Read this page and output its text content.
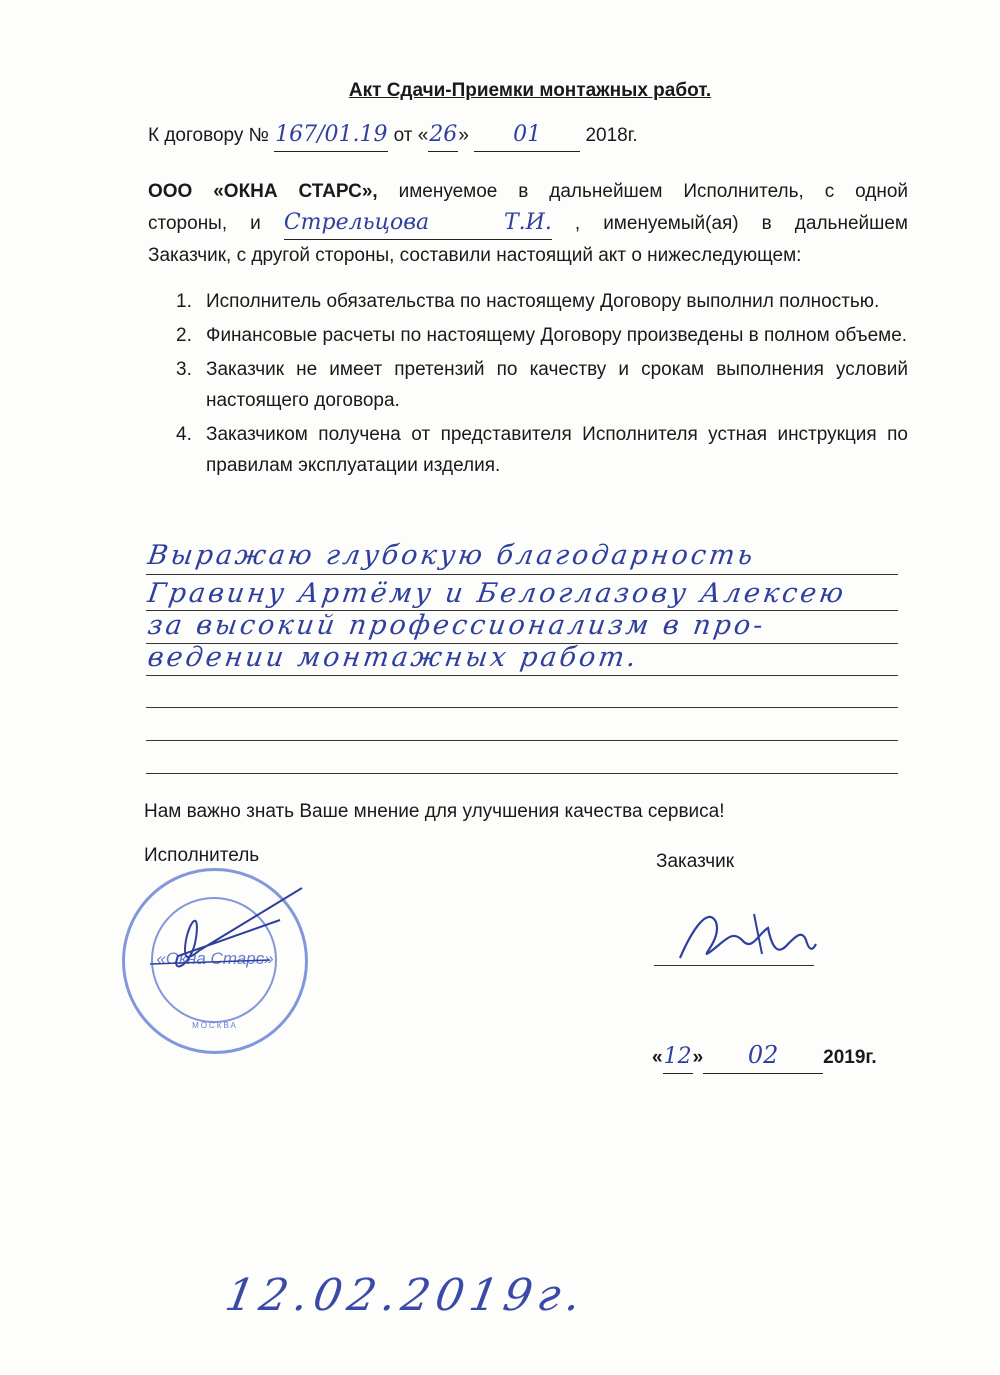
Акт Сдачи-Приемки монтажных работ.
К договору № 167/01.19 от «26» 01 2018г.

ООО «ОКНА СТАРС», именуемое в дальнейшем Исполнитель, с одной

стороны, и Стрельцова Т.И. , именуемый(ая) в дальнейшем

Заказчик, с другой стороны, составили настоящий акт о нижеследующем:

1. Исполнитель обязательства по настоящему Договору выполнил полностью.
2. Финансовые расчеты по настоящему Договору произведены в полном объеме.
3. Заказчик не имеет претензий по качеству и срокам выполнения условий настоящего договора.
4. Заказчиком получена от представителя Исполнителя устная инструкция по правилам эксплуатации изделия.
Выражаю глубокую благодарность
Гравину Артёму и Белоглазову Алексею
за высокий профессионализм в про-
ведении монтажных работ.
Нам важно знать Ваше мнение для улучшения качества сервиса!
Исполнитель	Заказчик
«Окна Старс»
МОСКВА
«12» 02 2019г.
12.02.2019г.
